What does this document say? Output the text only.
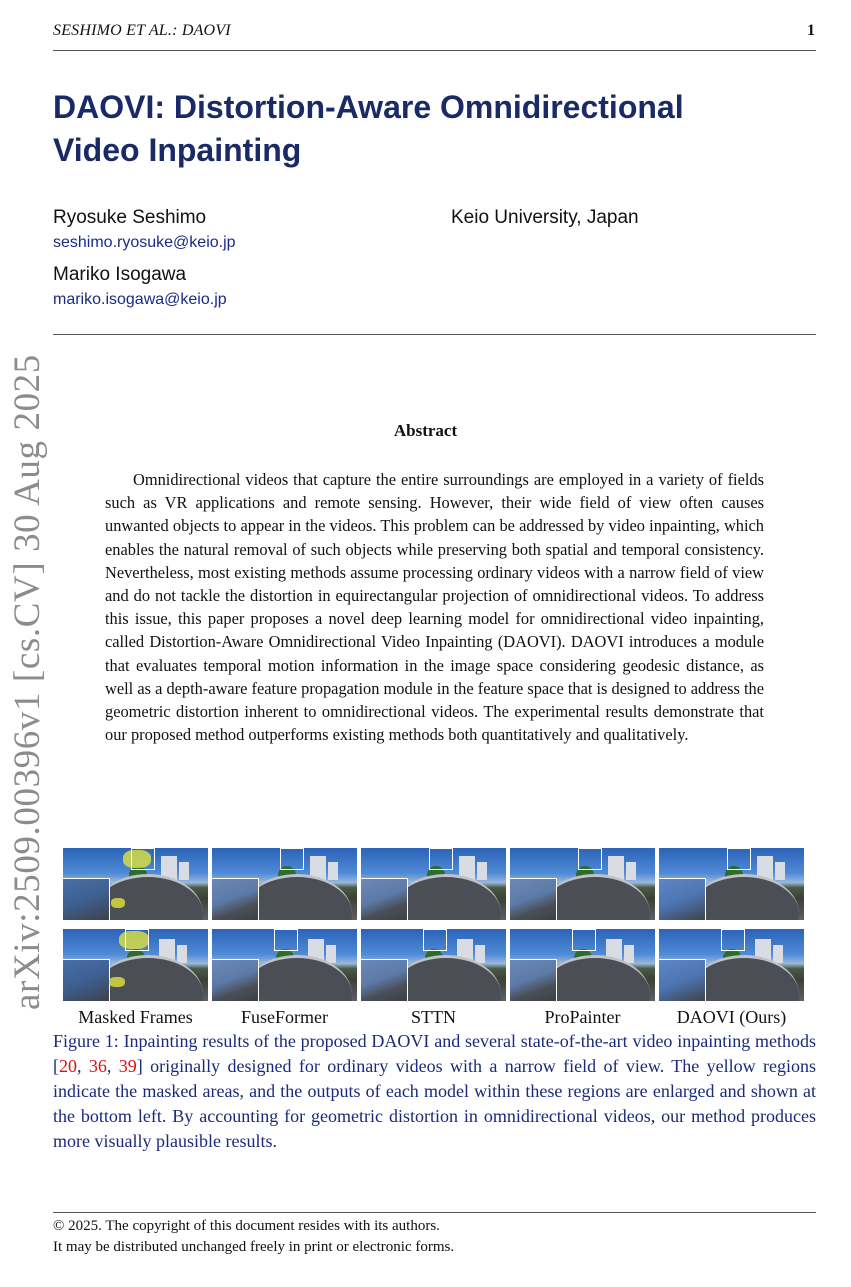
SESHIMO ET AL.: DAOVI	1
arXiv:2509.00396v1 [cs.CV] 30 Aug 2025
DAOVI: Distortion-Aware Omnidirectional
Video Inpainting
Ryosuke Seshimo
seshimo.ryosuke@keio.jp
Mariko Isogawa
mariko.isogawa@keio.jp
Keio University, Japan
Abstract
Omnidirectional videos that capture the entire surroundings are employed in a variety of fields such as VR applications and remote sensing. However, their wide field of view often causes unwanted objects to appear in the videos. This problem can be addressed by video inpainting, which enables the natural removal of such objects while preserving both spatial and temporal consistency. Nevertheless, most existing methods assume processing ordinary videos with a narrow field of view and do not tackle the distortion in equirectangular projection of omnidirectional videos. To address this issue, this paper proposes a novel deep learning model for omnidirectional video inpainting, called Distortion-Aware Omnidirectional Video Inpainting (DAOVI). DAOVI introduces a module that evaluates temporal motion information in the image space considering geodesic distance, as well as a depth-aware feature propagation module in the feature space that is designed to address the geometric distortion inherent to omnidirectional videos. The experimental results demonstrate that our proposed method outperforms existing methods both quantitatively and qualitatively.
Masked Frames	FuseFormer	STTN	ProPainter	DAOVI (Ours)
Figure 1: Inpainting results of the proposed DAOVI and several state-of-the-art video inpainting methods [20, 36, 39] originally designed for ordinary videos with a narrow field of view. The yellow regions indicate the masked areas, and the outputs of each model within these regions are enlarged and shown at the bottom left. By accounting for geometric distortion in omnidirectional videos, our method produces more visually plausible results.
© 2025. The copyright of this document resides with its authors.
It may be distributed unchanged freely in print or electronic forms.
